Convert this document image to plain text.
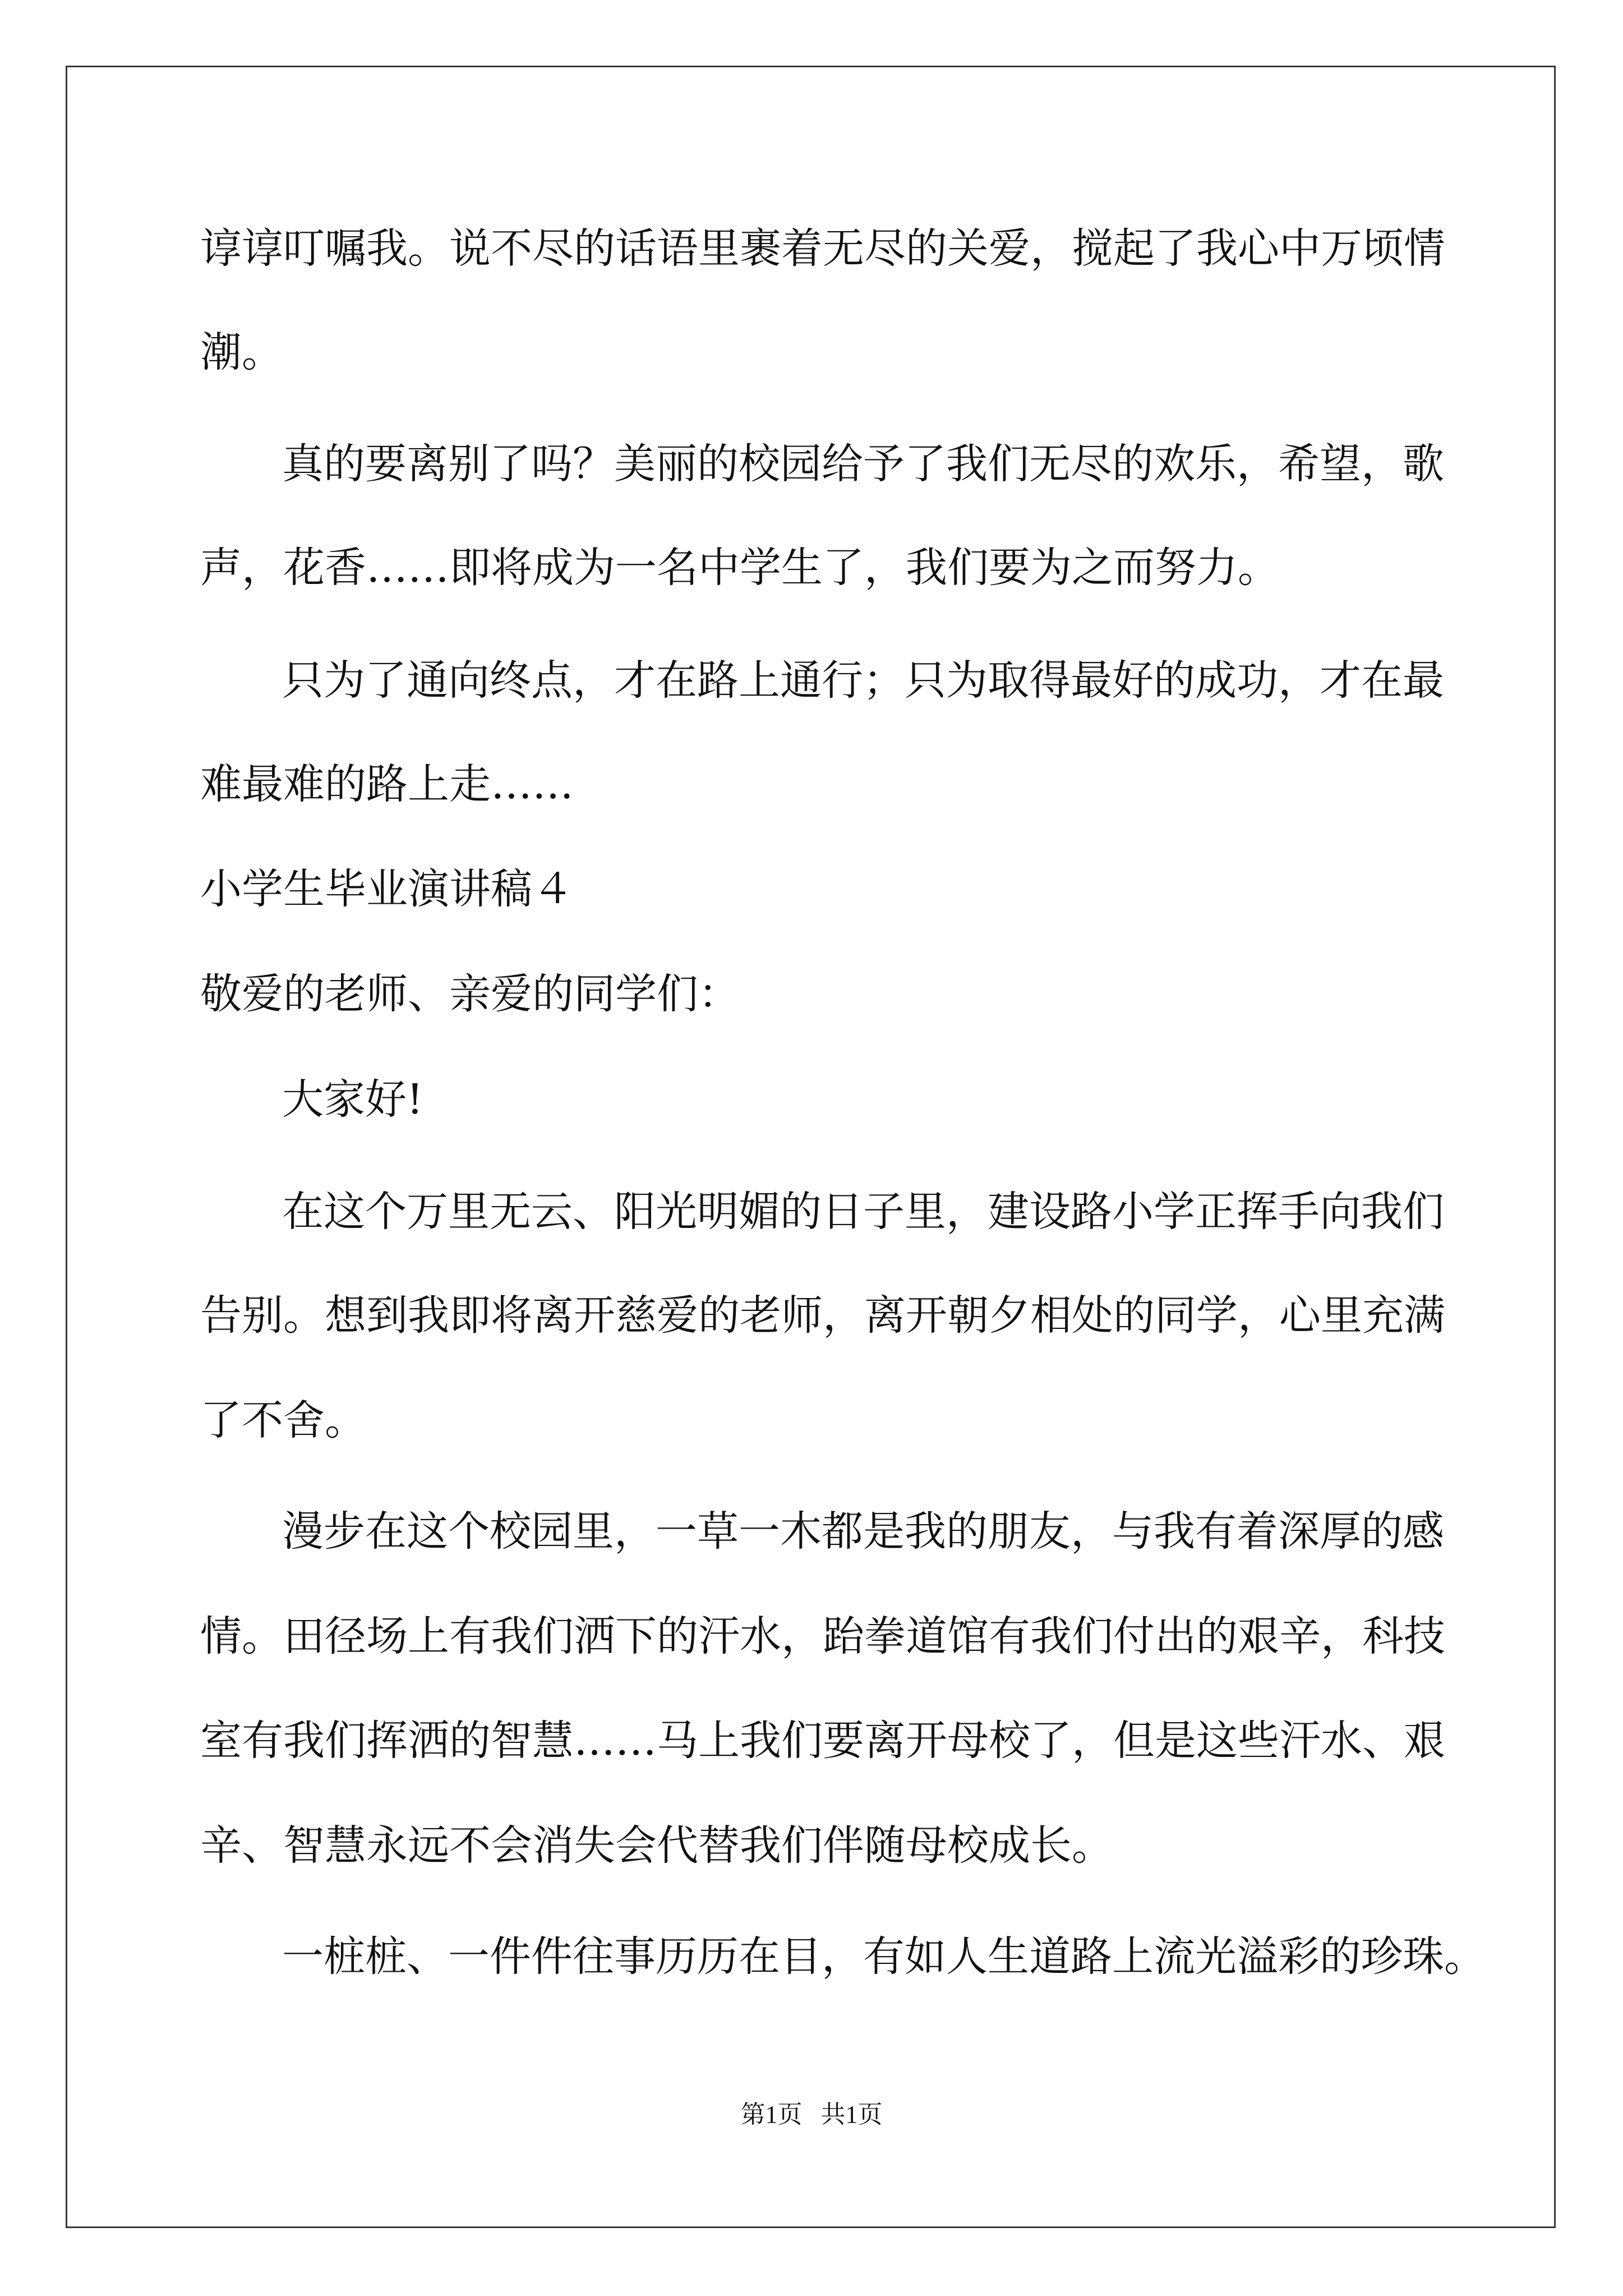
谆谆叮嘱我。说不尽的话语里裹着无尽的关爱，搅起了我心中万顷情

潮。

真的要离别了吗？美丽的校园给予了我们无尽的欢乐，希望，歌

声，花香……即将成为一名中学生了，我们要为之而努力。

只为了通向终点，才在路上通行；只为取得最好的成功，才在最

难最难的路上走……

小学生毕业演讲稿４

敬爱的老师、亲爱的同学们：

大家好!

在这个万里无云、阳光明媚的日子里，建设路小学正挥手向我们

告别。想到我即将离开慈爱的老师，离开朝夕相处的同学，心里充满

了不舍。

漫步在这个校园里，一草一木都是我的朋友，与我有着深厚的感

情。田径场上有我们洒下的汗水，跆拳道馆有我们付出的艰辛，科技

室有我们挥洒的智慧……马上我们要离开母校了，但是这些汗水、艰

辛、智慧永远不会消失会代替我们伴随母校成长。

一桩桩、一件件往事历历在目，有如人生道路上流光溢彩的珍珠。

第1页   共1页
